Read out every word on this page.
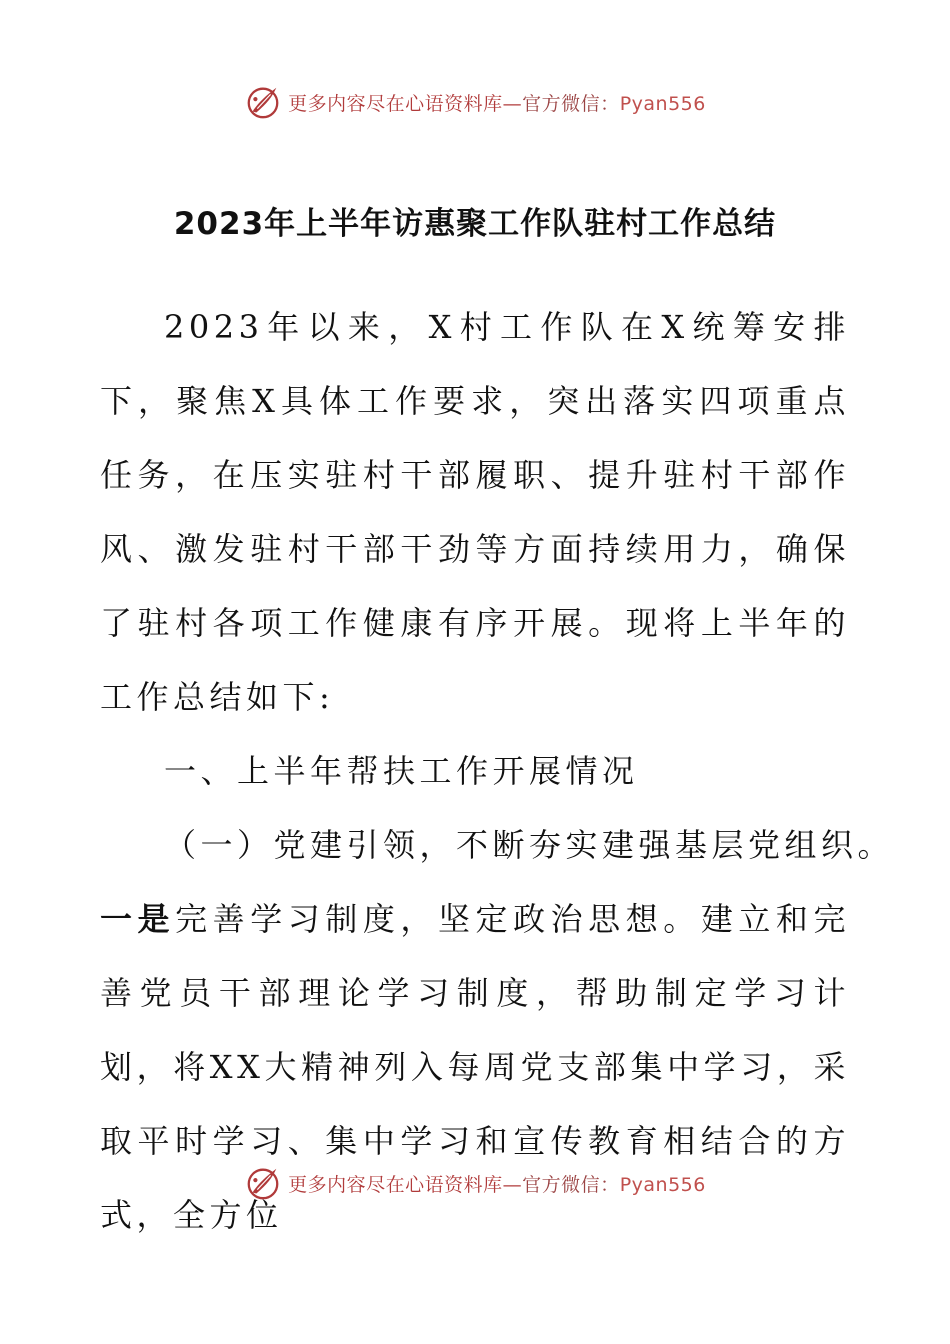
更多内容尽在心语资料库—官方微信：Pyan556
2023年上半年访惠聚工作队驻村工作总结

2023年以来，X村工作队在X统筹安排下，聚焦X具体工作要求，突出落实四项重点任务，在压实驻村干部履职、提升驻村干部作风、激发驻村干部干劲等方面持续用力，确保了驻村各项工作健康有序开展。现将上半年的工作总结如下:

一、上半年帮扶工作开展情况

（一）党建引领，不断夯实建强基层党组织。

一是完善学习制度，坚定政治思想。建立和完善党员干部理论学习制度，帮助制定学习计划，将XX大精神列入每周党支部集中学习，采取平时学习、集中学习和宣传教育相结合的方式，全方位

更多内容尽在心语资料库—官方微信：Pyan556
